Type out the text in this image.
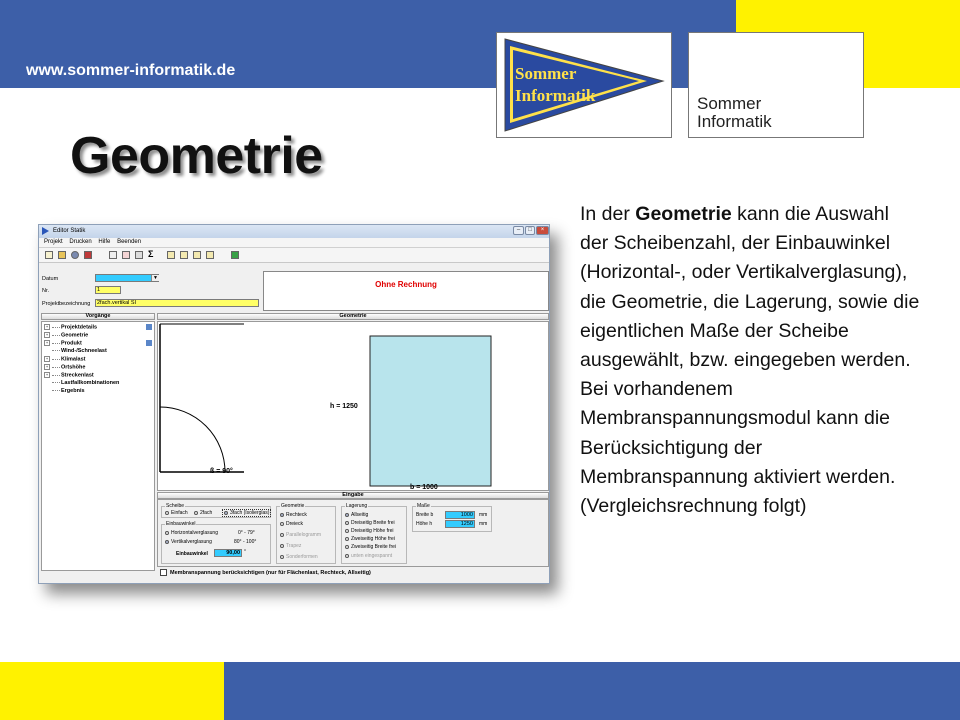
www.sommer-informatik.de	Sommer
Informatik	Sommer
Informatik
Geometrie

In der Geometrie kann die Auswahl der Scheibenzahl, der Einbauwinkel (Horizontal-, oder Vertikalverglasung), die Geometrie, die Lagerung, sowie die eigentlichen Maße der Scheibe ausgewählt, bzw. eingegeben werden.

Bei vorhandenem Membranspannungsmodul kann die Berücksichtigung der Membranspannung aktiviert werden.

(Vergleichsrechnung folgt)

Editor Statik	–	□	×
Projekt Drucken Hilfe Beenden
Σ
Datum	▼
Nr.	1
Projektbezeichnung	2fach.vertikal SI
Ohne Rechnung
Vorgänge
+ Projektdetails
+ Geometrie
+ Produkt
Wind-/Schneelast
+ Klimalast
+ Ortshöhe
+ Streckenlast
Lastfallkombinationen
Ergebnis
Geometrie
ß = 90°
h = 1250
b = 1000
Eingabe
Scheibe
Einfach	2fach	3fach (Isolierglas)
Einbauwinkel
Horizontalverglasung	0° - 79°
Vertikalverglasung	80° - 100°
Einbauwinkel	90,00 °
Geometrie
Rechteck
Dreieck
Parallelogramm
Trapez
Sonderformen
Lagerung
Allseitig
Dreiseitig Breite frei
Dreiseitig Höhe frei
Zweiseitig Höhe frei
Zweiseitig Breite frei
unten eingespannt
Maße
Breite b	1000	mm
Höhe h	1250	mm
Membranspannung berücksichtigen (nur für Flächenlast, Rechteck, Allseitig)
